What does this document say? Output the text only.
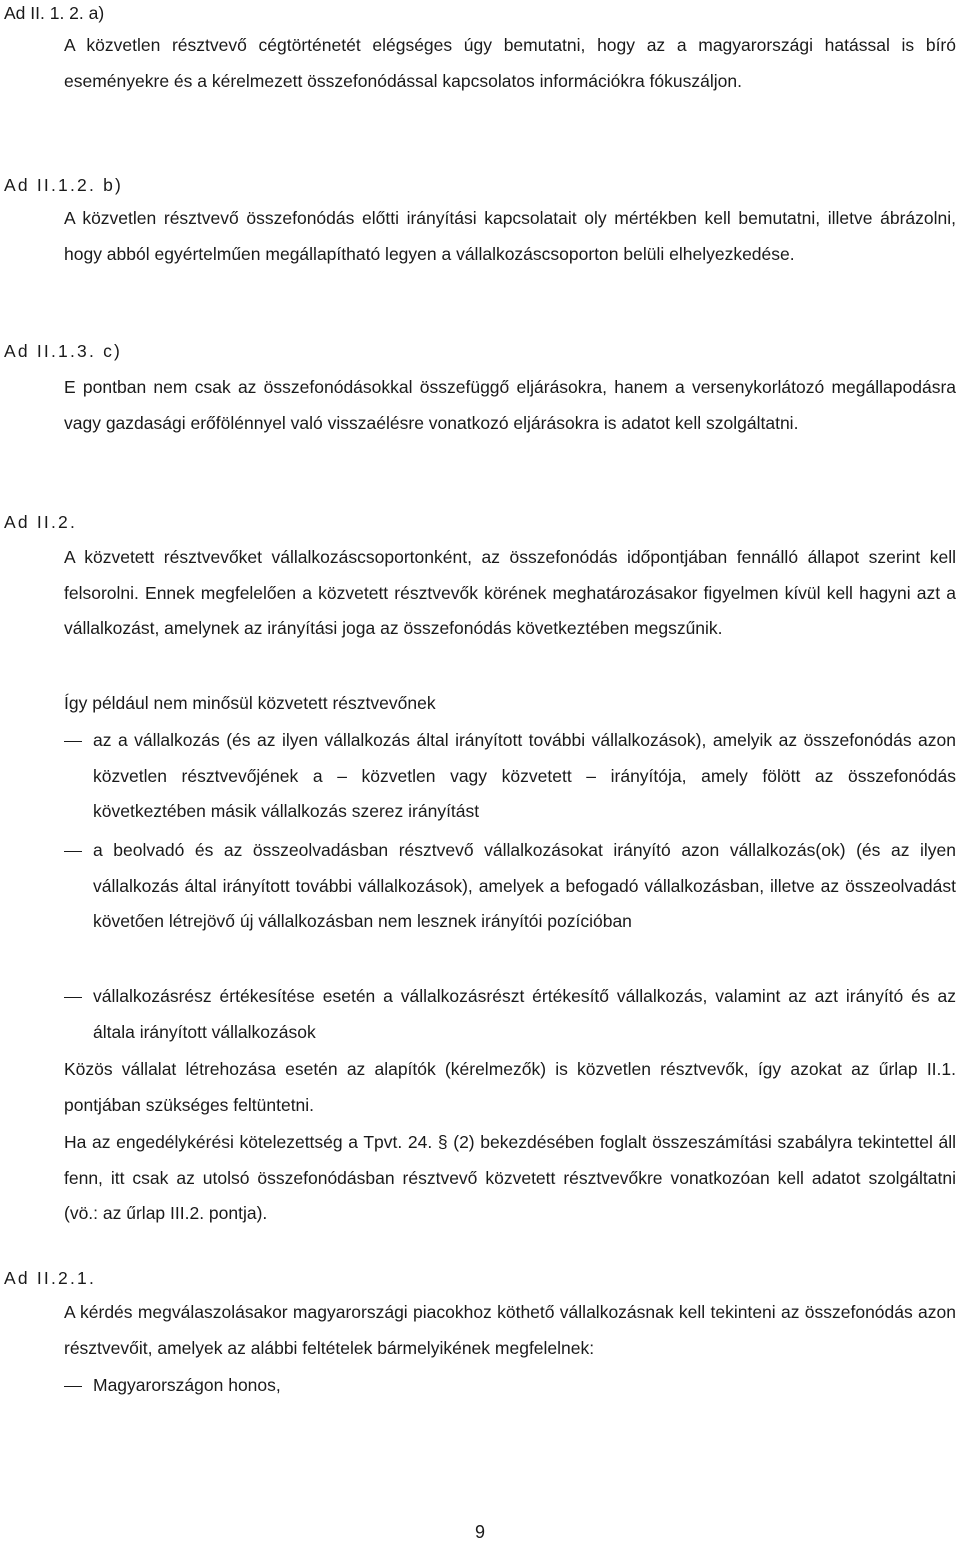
Ad II. 1. 2. a)

A közvetlen résztvevő cégtörténetét elégséges úgy bemutatni, hogy az a magyarországi hatással is bíró eseményekre és a kérelmezett összefonódással kapcsolatos információkra fókuszáljon.

Ad II.1.2. b)

A közvetlen résztvevő összefonódás előtti irányítási kapcsolatait oly mértékben kell bemutatni, illetve ábrázolni, hogy abból egyértelműen megállapítható legyen a vállalkozáscsoporton belüli elhelyezkedése.

Ad II.1.3. c)

E pontban nem csak az összefonódásokkal összefüggő eljárásokra, hanem a versenykorlátozó megállapodásra vagy gazdasági erőfölénnyel való visszaélésre vonatkozó eljárásokra is adatot kell szolgáltatni.

Ad II.2.

A közvetett résztvevőket vállalkozáscsoportonként, az összefonódás időpontjában fennálló állapot szerint kell felsorolni. Ennek megfelelően a közvetett résztvevők körének meghatározásakor figyelmen kívül kell hagyni azt a vállalkozást, amelynek az irányítási joga az összefonódás következtében megszűnik.

Így például nem minősül közvetett résztvevőnek

az a vállalkozás (és az ilyen vállalkozás által irányított további vállalkozások), amelyik az összefonódás azon közvetlen résztvevőjének a – közvetlen vagy közvetett – irányítója, amely fölött az összefonódás következtében másik vállalkozás szerez irányítást

a beolvadó és az összeolvadásban résztvevő vállalkozásokat irányító azon vállalkozás(ok) (és az ilyen vállalkozás által irányított további vállalkozások), amelyek a befogadó vállalkozásban, illetve az összeolvadást követően létrejövő új vállalkozásban nem lesznek irányítói pozícióban

vállalkozásrész értékesítése esetén a vállalkozásrészt értékesítő vállalkozás, valamint az azt irányító és az általa irányított vállalkozások

Közös vállalat létrehozása esetén az alapítók (kérelmezők) is közvetlen résztvevők, így azokat az űrlap II.1. pontjában szükséges feltüntetni.

Ha az engedélykérési kötelezettség a Tpvt. 24. § (2) bekezdésében foglalt összeszámítási szabályra tekintettel áll fenn, itt csak az utolsó összefonódásban résztvevő közvetett résztvevőkre vonatkozóan kell adatot szolgáltatni (vö.: az űrlap III.2. pontja).

Ad II.2.1.

A kérdés megválaszolásakor magyarországi piacokhoz köthető vállalkozásnak kell tekinteni az összefonódás azon résztvevőit, amelyek az alábbi feltételek bármelyikének megfelelnek:

Magyarországon honos,

9
